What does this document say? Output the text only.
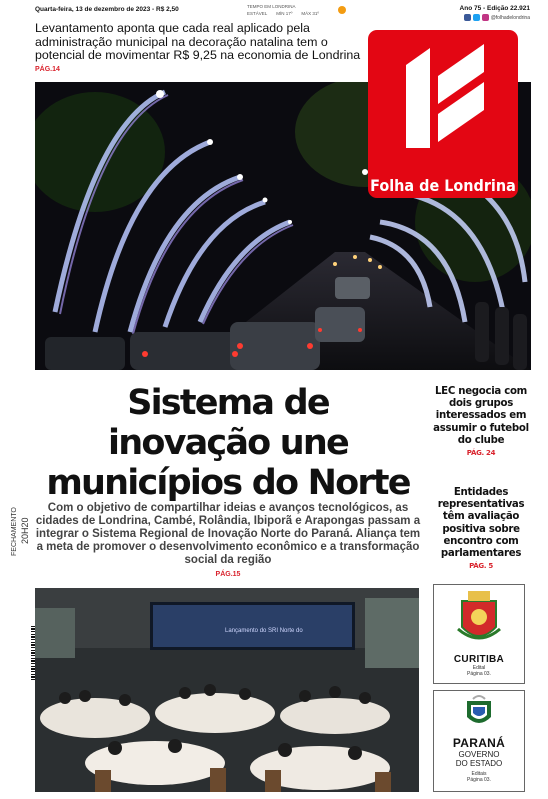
Quarta-feira, 13 de dezembro de 2023 - R$ 2,50	TEMPO EM LONDRINA
ESTÁVEL MÍN 17º MÁX 31º
Ano 75 - Edição 22.921
@folhadelondrina
Levantamento aponta que cada real aplicado pela administração municipal na decoração natalina tem o potencial de movimentar R$ 9,25 na economia de Londrina
PÁG.14
Folha de Londrina
Sistema de
inovação une
municípios do Norte
Com o objetivo de compartilhar ideias e avanços tecnológicos, as cidades de Londrina, Cambé, Rolândia, Ibiporã e Arapongas passam a integrar o Sistema Regional de Inovação Norte do Paraná. Aliança tem a meta de promover o desenvolvimento econômico e a transformação social da região
PÁG.15
LEC negocia com dois grupos interessados em assumir o futebol do clube
PÁG. 24
Entidades representativas têm avaliação positiva sobre encontro com parlamentares
PÁG. 5
FECHAMENTO 20H20
Lançamento do SRI Norte do
CURITIBA
Edital
Página 03.
PARANÁ
GOVERNO
DO ESTADO
Editais
Página 03.
